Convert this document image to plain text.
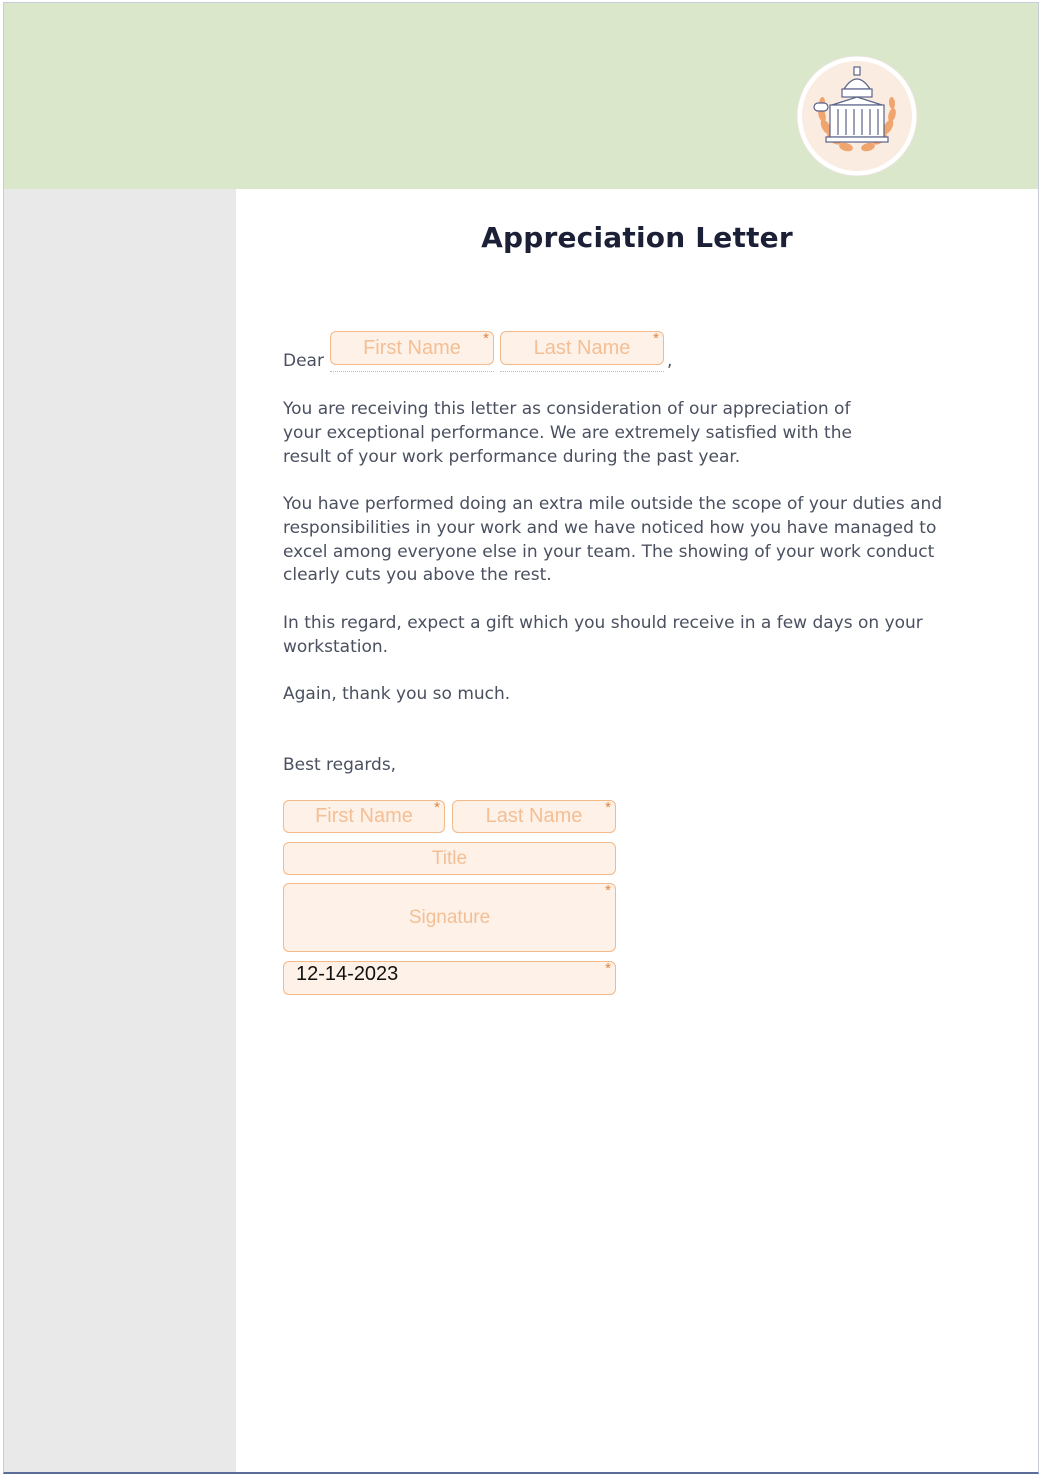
Appreciation Letter
Dear
First Name * Last Name *
,
You are receiving this letter as consideration of our appreciation of your exceptional performance. We are extremely satisfied with the result of your work performance during the past year.
You have performed doing an extra mile outside the scope of your duties and responsibilities in your work and we have noticed how you have managed to excel among everyone else in your team. The showing of your work conduct clearly cuts you above the rest.
In this regard, expect a gift which you should receive in a few days on your workstation.
Again, thank you so much.
Best regards,
First Name * Last Name *
Title
Signature
*
12-14-2023	*
